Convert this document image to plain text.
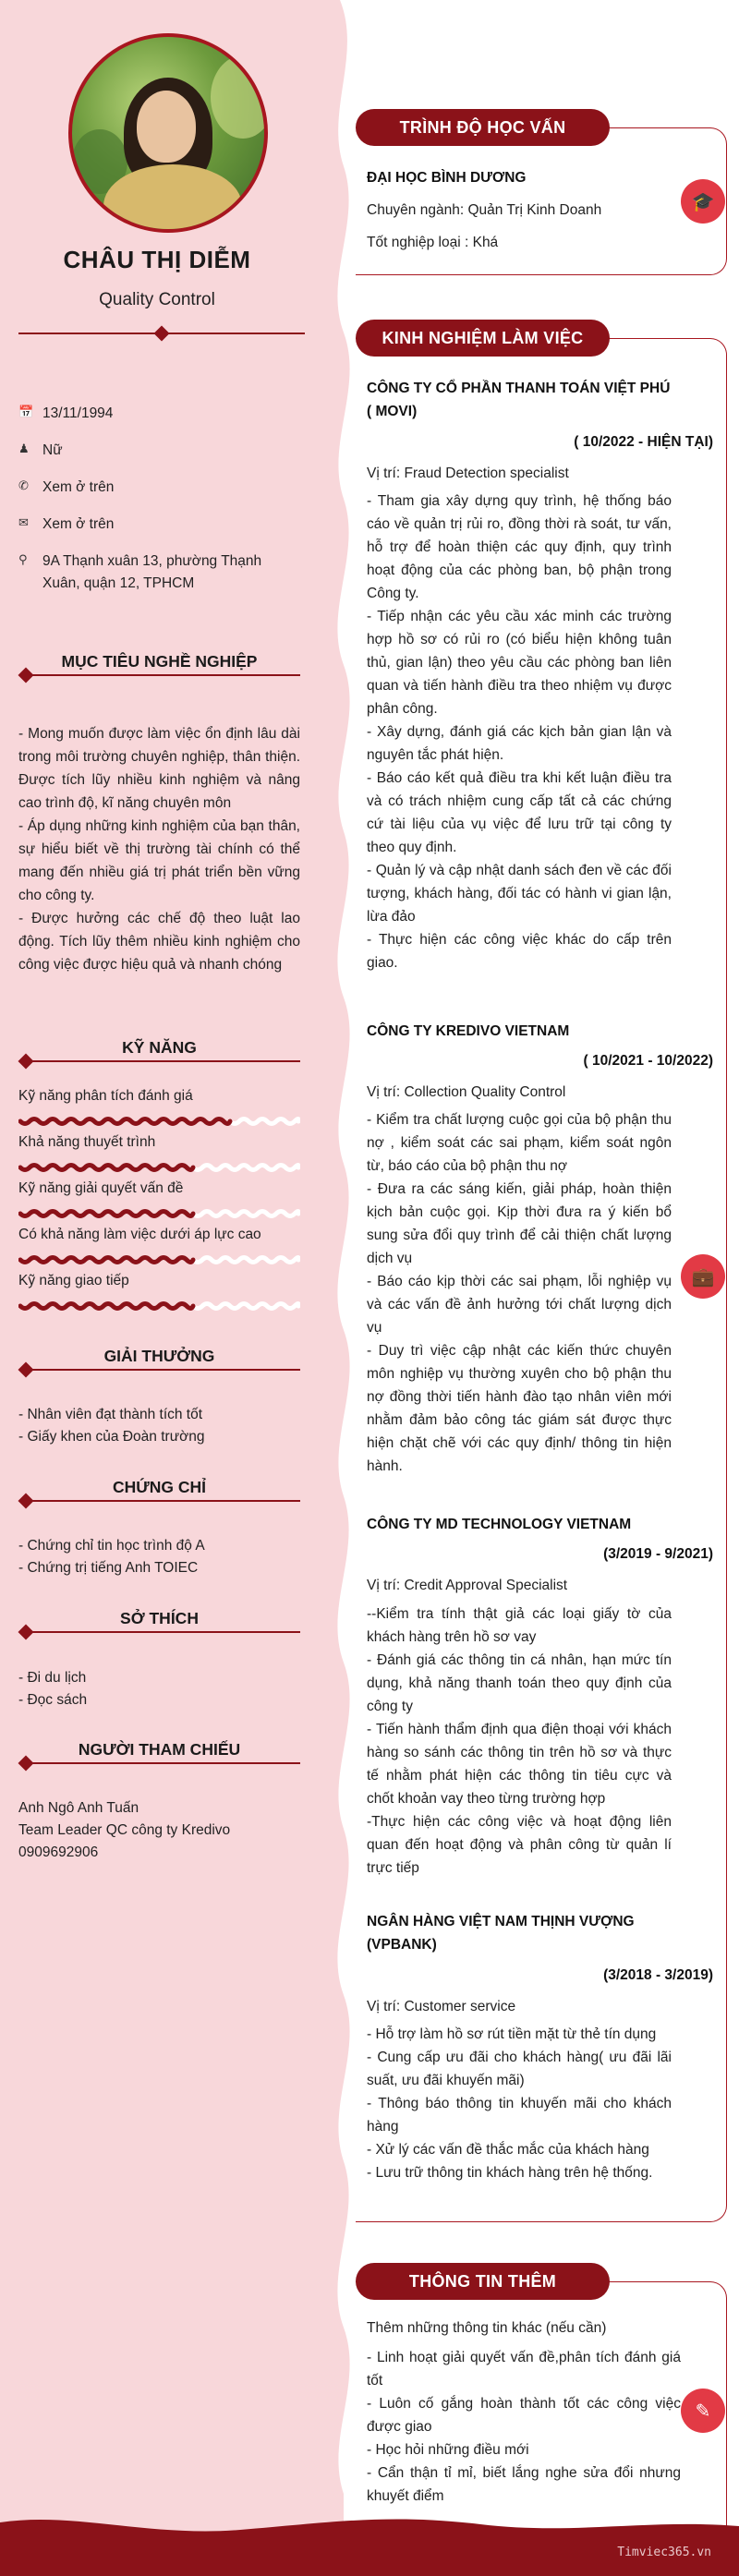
CHÂU THỊ DIỄM
Quality Control
📅 13/11/1994
♟ Nữ
✆ Xem ở trên
✉ Xem ở trên
⚲	9A Thạnh xuân 13, phường Thạnh Xuân, quận 12, TPHCM
MỤC TIÊU NGHỀ NGHIỆP
- Mong muốn được làm việc ổn định lâu dài trong môi trường chuyên nghiệp, thân thiện. Được tích lũy nhiều kinh nghiệm và nâng cao trình độ, kĩ năng chuyên môn
- Áp dụng những kinh nghiệm của bạn thân, sự hiểu biết về thị trường tài chính có thể mang đến nhiều giá trị phát triển bền vững cho công ty.
- Được hưởng các chế độ theo luật lao động. Tích lũy thêm nhiều kinh nghiệm cho công việc được hiệu quả và nhanh chóng
KỸ NĂNG
Kỹ năng phân tích đánh giá
Khả năng thuyết trình
Kỹ năng giải quyết vấn đề
Có khả năng làm việc dưới áp lực cao
Kỹ năng giao tiếp
GIẢI THƯỞNG
- Nhân viên đạt thành tích tốt
- Giấy khen của Đoàn trường
CHỨNG CHỈ
- Chứng chỉ tin học trình độ A
- Chứng trị tiếng Anh TOIEC
SỞ THÍCH
- Đi du lịch
- Đọc sách
NGƯỜI THAM CHIẾU
Anh Ngô Anh Tuấn
Team Leader QC công ty Kredivo
0909692906
TRÌNH ĐỘ HỌC VẤN
🎓
ĐẠI HỌC BÌNH DƯƠNG
Chuyên ngành: Quản Trị Kinh Doanh
Tốt nghiệp loại : Khá
KINH NGHIỆM LÀM VIỆC
💼
CÔNG TY CỔ PHẦN THANH TOÁN VIỆT PHÚ ( MOVI)
( 10/2022 - HIỆN TẠI)
Vị trí: Fraud Detection specialist
- Tham gia xây dựng quy trình, hệ thống báo cáo về quản trị rủi ro, đồng thời rà soát, tư vấn, hỗ trợ để hoàn thiện các quy định, quy trình hoạt động của các phòng ban, bộ phận trong Công ty.
- Tiếp nhận các yêu cầu xác minh các trường hợp hồ sơ có rủi ro (có biểu hiện không tuân thủ, gian lận) theo yêu cầu các phòng ban liên quan và tiến hành điều tra theo nhiệm vụ được phân công.
- Xây dựng, đánh giá các kịch bản gian lận và nguyên tắc phát hiện.
- Báo cáo kết quả điều tra khi kết luận điều tra và có trách nhiệm cung cấp tất cả các chứng cứ tài liệu của vụ việc để lưu trữ tại công ty theo quy định.
- Quản lý và cập nhật danh sách đen về các đối tượng, khách hàng, đối tác có hành vi gian lận, lừa đảo
- Thực hiện các công việc khác do cấp trên giao.
CÔNG TY KREDIVO VIETNAM
( 10/2021 - 10/2022)
Vị trí: Collection Quality Control
- Kiểm tra chất lượng cuộc gọi của bộ phận thu nợ , kiểm soát các sai phạm, kiểm soát ngôn từ, báo cáo của bộ phận thu nợ
- Đưa ra các sáng kiến, giải pháp, hoàn thiện kịch bản cuộc gọi. Kịp thời đưa ra ý kiến bổ sung sửa đổi quy trình để cải thiện chất lượng dịch vụ
- Báo cáo kịp thời các sai phạm, lỗi nghiệp vụ và các vấn đề ảnh hưởng tới chất lượng dịch vụ
- Duy trì việc cập nhật các kiến thức chuyên môn nghiệp vụ thường xuyên cho bộ phận thu nợ đồng thời tiến hành đào tạo nhân viên mới nhằm đảm bảo công tác giám sát được thực hiện chặt chẽ với các quy định/ thông tin hiện hành.
CÔNG TY MD TECHNOLOGY VIETNAM
(3/2019 - 9/2021)
Vị trí: Credit Approval Specialist
--Kiểm tra tính thật giả các loại giấy tờ của khách hàng trên hồ sơ vay
- Đánh giá các thông tin cá nhân, hạn mức tín dụng, khả năng thanh toán theo quy định của công ty
- Tiến hành thẩm định qua điện thoại với khách hàng so sánh các thông tin trên hồ sơ và thực tế nhằm phát hiện các thông tin tiêu cực và chốt khoản vay theo từng trường hợp
-Thực hiện các công việc và hoạt động liên quan đến hoạt động và phân công từ quản lí trực tiếp
NGÂN HÀNG VIỆT NAM THỊNH VƯỢNG (VPBANK)
(3/2018 - 3/2019)
Vị trí: Customer service
- Hỗ trợ làm hồ sơ rút tiền mặt từ thẻ tín dụng
- Cung cấp ưu đãi cho khách hàng( ưu đãi lãi suất, ưu đãi khuyến mãi)
- Thông báo thông tin khuyến mãi cho khách hàng
- Xử lý các vấn đề thắc mắc của khách hàng
- Lưu trữ thông tin khách hàng trên hệ thống.
THÔNG TIN THÊM
✎
Thêm những thông tin khác (nếu cần)
- Linh hoạt giải quyết vấn đề,phân tích đánh giá tốt
- Luôn cố gắng hoàn thành tốt các công việc được giao
- Học hỏi những điều mới
- Cẩn thận tỉ mỉ, biết lắng nghe sửa đổi nhưng khuyết điểm
Timviec365.vn
